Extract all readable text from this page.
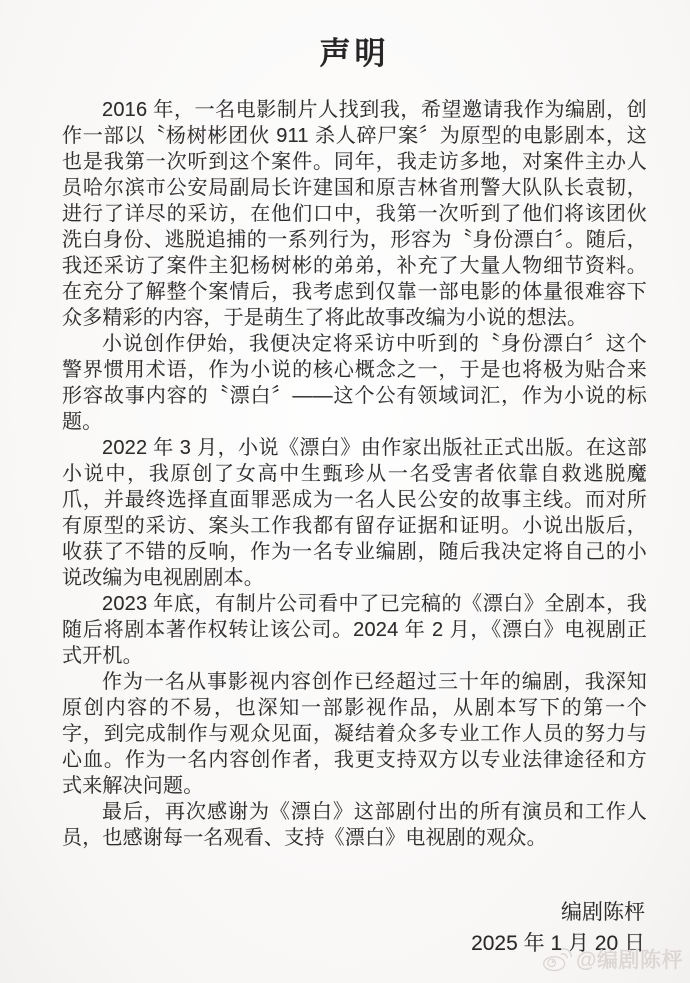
声明

2016 年，一名电影制片人找到我，希望邀请我作为编剧，创作一部以〝杨树彬团伙 911 杀人碎尸案〞为原型的电影剧本，这也是我第一次听到这个案件。同年，我走访多地，对案件主办人员哈尔滨市公安局副局长许建国和原吉林省刑警大队队长袁韧，进行了详尽的采访，在他们口中，我第一次听到了他们将该团伙洗白身份、逃脱追捕的一系列行为，形容为〝身份漂白〞。随后，我还采访了案件主犯杨树彬的弟弟，补充了大量人物细节资料。在充分了解整个案情后，我考虑到仅靠一部电影的体量很难容下众多精彩的内容，于是萌生了将此故事改编为小说的想法。

小说创作伊始，我便决定将采访中听到的〝身份漂白〞这个警界惯用术语，作为小说的核心概念之一，于是也将极为贴合来形容故事内容的〝漂白〞——这个公有领域词汇，作为小说的标题。

2022 年 3 月，小说《漂白》由作家出版社正式出版。在这部小说中，我原创了女高中生甄珍从一名受害者依靠自救逃脱魔爪，并最终选择直面罪恶成为一名人民公安的故事主线。而对所有原型的采访、案头工作我都有留存证据和证明。小说出版后，收获了不错的反响，作为一名专业编剧，随后我决定将自己的小说改编为电视剧剧本。

2023 年底，有制片公司看中了已完稿的《漂白》全剧本，我随后将剧本著作权转让该公司。2024 年 2 月，《漂白》电视剧正式开机。

作为一名从事影视内容创作已经超过三十年的编剧，我深知原创内容的不易，也深知一部影视作品，从剧本写下的第一个字，到完成制作与观众见面，凝结着众多专业工作人员的努力与心血。作为一名内容创作者，我更支持双方以专业法律途径和方式来解决问题。

最后，再次感谢为《漂白》这部剧付出的所有演员和工作人员，也感谢每一名观看、支持《漂白》电视剧的观众。

编剧陈枰
2025 年 1 月 20 日
@编剧陈枰
